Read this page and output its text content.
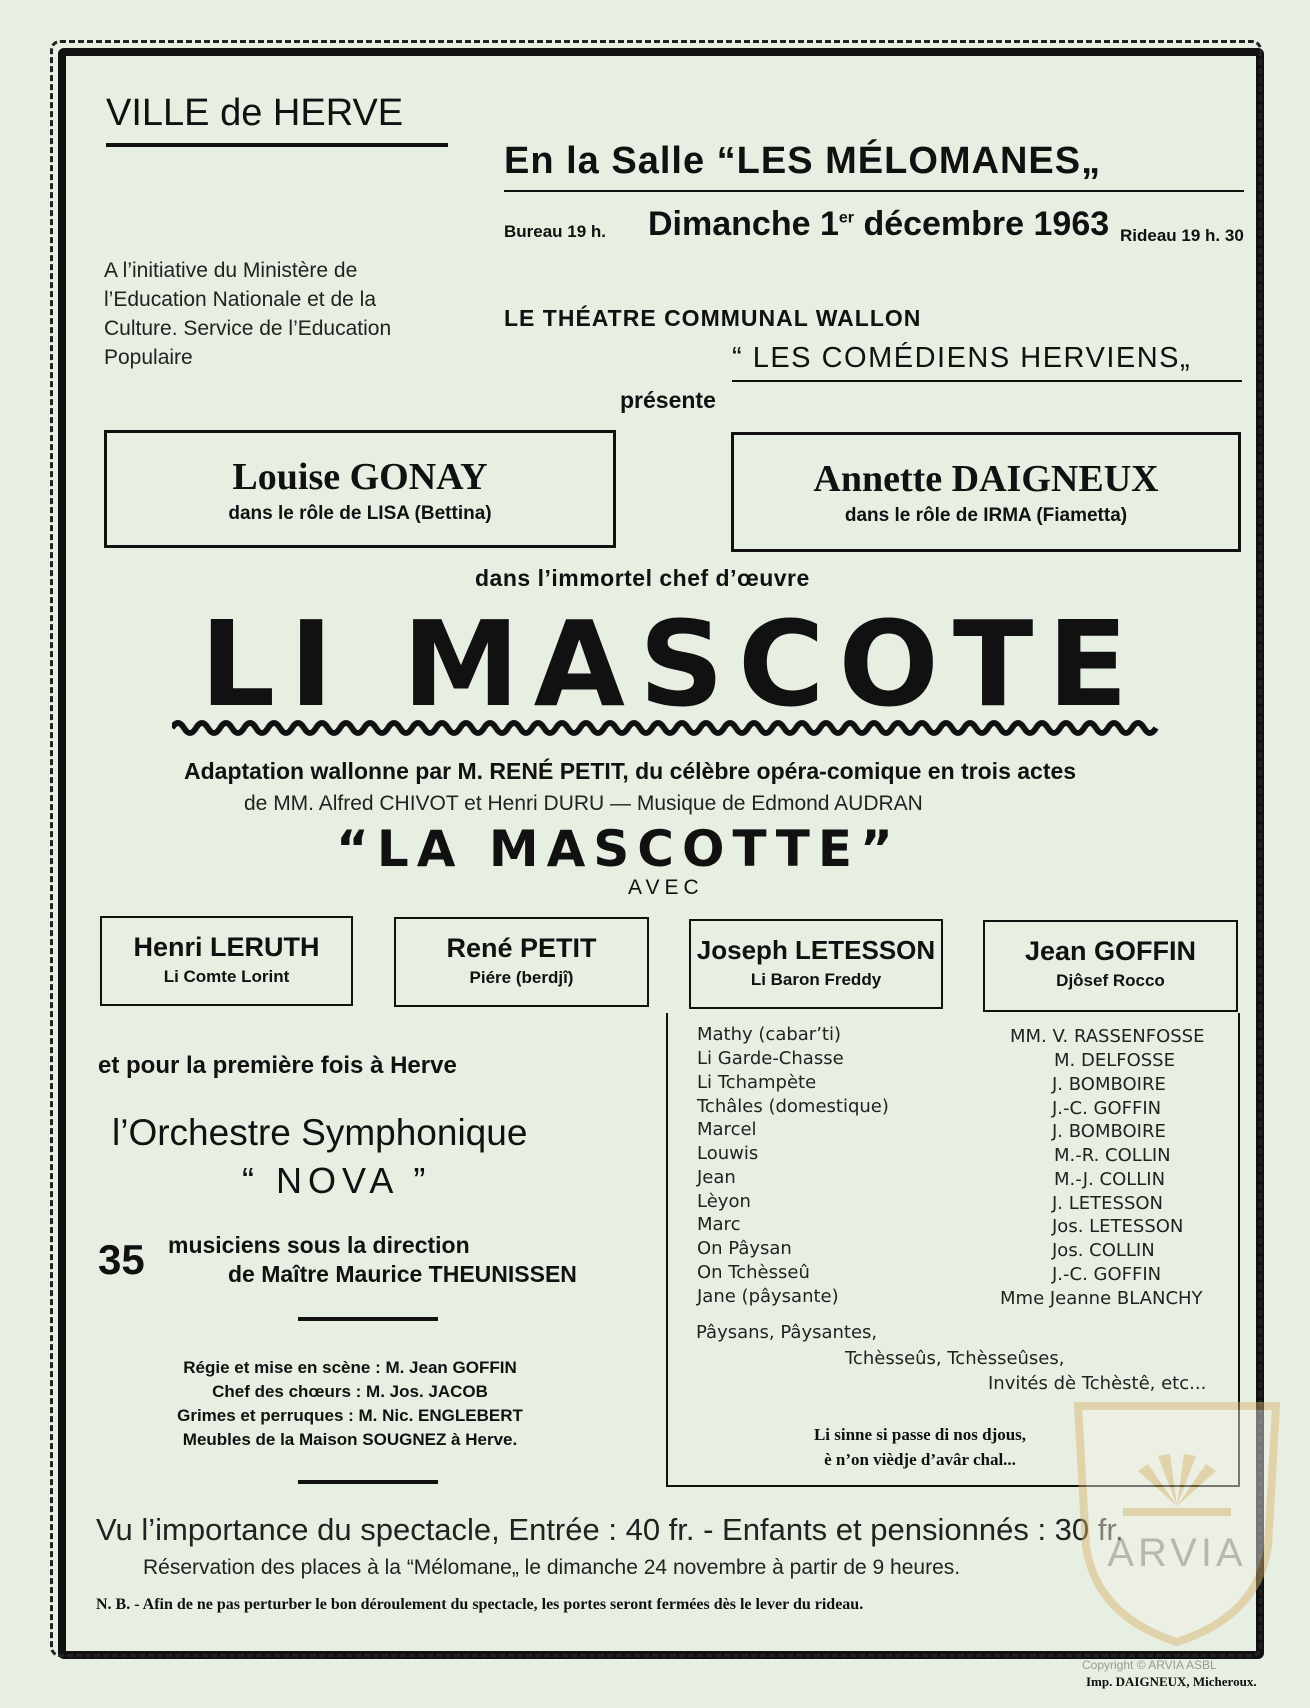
VILLE de HERVE
A l’initiative du Ministère de
l’Education Nationale et de la
Culture. Service de l’Education
Populaire
En la Salle “LES MÉLOMANES„
Bureau 19 h. Dimanche 1er décembre 1963 Rideau 19 h. 30
LE THÉATRE COMMUNAL WALLON
“ LES COMÉDIENS HERVIENS„
présente
Louise GONAY
dans le rôle de LISA (Bettina)
Annette DAIGNEUX
dans le rôle de IRMA (Fiametta)
dans l’immortel chef d’œuvre
LI MASCOTE
Adaptation wallonne par M. RENÉ PETIT, du célèbre opéra-comique en trois actes
de MM. Alfred CHIVOT et Henri DURU — Musique de Edmond AUDRAN
“LA MASCOTTE”
AVEC
Henri LERUTH
Li Comte Lorint
René PETIT
Piére (berdjî)
Joseph LETESSON
Li Baron Freddy
Jean GOFFIN
Djôsef Rocco
et pour la première fois à Herve
l’Orchestre Symphonique
“ NOVA ”
35 musiciens sous la direction
de Maître Maurice THEUNISSEN
Régie et mise en scène : M. Jean GOFFIN
Chef des chœurs : M. Jos. JACOB
Grimes et perruques : M. Nic. ENGLEBERT
Meubles de la Maison SOUGNEZ à Herve.
Mathy (cabar’ti)
Li Garde-Chasse
Li Tchampète
Tchâles (domestique)
Marcel
Louwis
Jean
Lèyon
Marc
On Pâysan
On Tchèsseû
Jane (pâysante)
MM. V. RASSENFOSSE
M. DELFOSSE
J. BOMBOIRE
J.-C. GOFFIN
J. BOMBOIRE
M.-R. COLLIN
M.-J. COLLIN
J. LETESSON
Jos. LETESSON
Jos. COLLIN
J.-C. GOFFIN
Mme Jeanne BLANCHY
Pâysans, Pâysantes,
Tchèsseûs, Tchèsseûses,
Invités dè Tchèstê, etc...
Li sinne si passe di nos djous,
è n’on vièdje d’avâr chal...
Vu l’importance du spectacle, Entrée : 40 fr. - Enfants et pensionnés : 30 fr.
Réservation des places à la “Mélomane„ le dimanche 24 novembre à partir de 9 heures.
N. B. - Afin de ne pas perturber le bon déroulement du spectacle, les portes seront fermées dès le lever du rideau.
Imp. DAIGNEUX, Micheroux.
ARVIA
Copyright © ARVIA ASBL
